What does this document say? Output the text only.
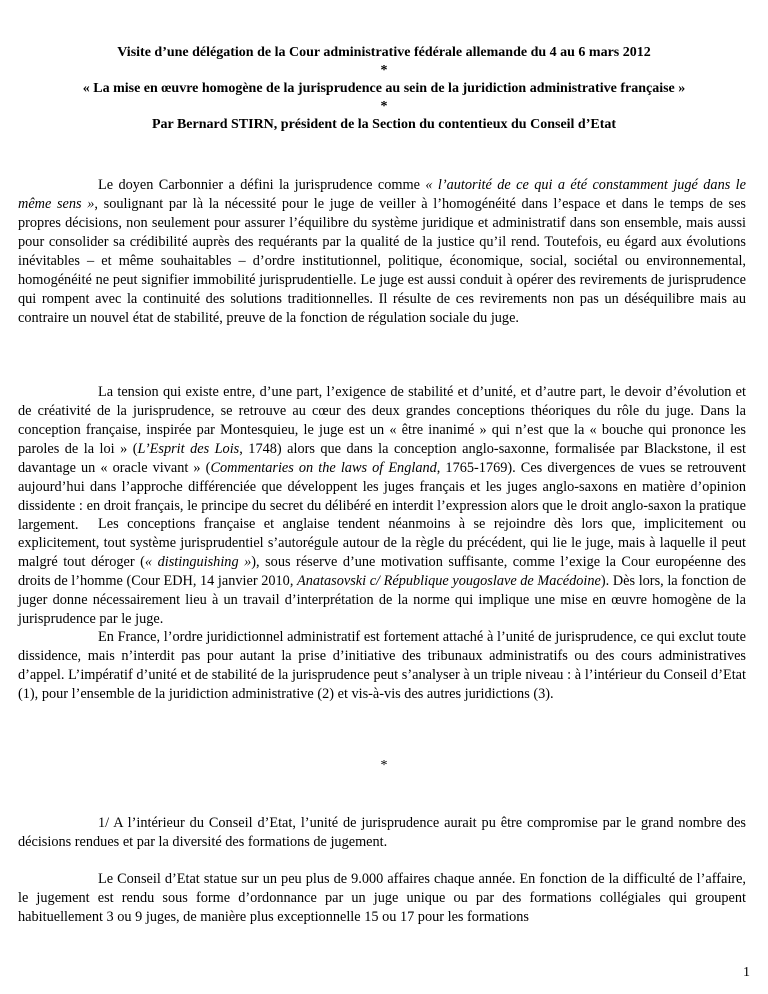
Visite d’une délégation de la Cour administrative fédérale allemande du 4 au 6 mars 2012
*
« La mise en œuvre homogène de la jurisprudence au sein de la juridiction administrative française »
*
Par Bernard STIRN, président de la Section du contentieux du Conseil d’Etat

Le doyen Carbonnier a défini la jurisprudence comme « l’autorité de ce qui a été constamment jugé dans le même sens », soulignant par là la nécessité pour le juge de veiller à l’homogénéité dans l’espace et dans le temps de ses propres décisions, non seulement pour assurer l’équilibre du système juridique et administratif dans son ensemble, mais aussi pour consolider sa crédibilité auprès des requérants par la qualité de la justice qu’il rend. Toutefois, eu égard aux évolutions inévitables – et même souhaitables – d’ordre institutionnel, politique, économique, social, sociétal ou environnemental, homogénéité ne peut signifier immobilité jurisprudentielle. Le juge est aussi conduit à opérer des revirements de jurisprudence qui rompent avec la continuité des solutions traditionnelles. Il résulte de ces revirements non pas un déséquilibre mais au contraire un nouvel état de stabilité, preuve de la fonction de régulation sociale du juge.

La tension qui existe entre, d’une part, l’exigence de stabilité et d’unité, et d’autre part, le devoir d’évolution et de créativité de la jurisprudence, se retrouve au cœur des deux grandes conceptions théoriques du rôle du juge. Dans la conception française, inspirée par Montesquieu, le juge est un « être inanimé » qui n’est que la « bouche qui prononce les paroles de la loi » (L’Esprit des Lois, 1748) alors que dans la conception anglo-saxonne, formalisée par Blackstone, il est davantage un « oracle vivant » (Commentaries on the laws of England, 1765-1769). Ces divergences de vues se retrouvent aujourd’hui dans l’approche différenciée que développent les juges français et les juges anglo-saxons en matière d’opinion dissidente : en droit français, le principe du secret du délibéré en interdit l’expression alors que le droit anglo-saxon la pratique largement.	Les conceptions française et anglaise tendent néanmoins à se rejoindre dès lors que, implicitement ou explicitement, tout système jurisprudentiel s’autorégule autour de la règle du précédent, qui lie le juge, mais à laquelle il peut malgré tout déroger (« distinguishing »), sous réserve d’une motivation suffisante, comme l’exige la Cour européenne des droits de l’homme (Cour EDH, 14 janvier 2010, Anatasovski c/ République yougoslave de Macédoine). Dès lors, la fonction de juger donne nécessairement lieu à un travail d’interprétation de la norme qui implique une mise en œuvre homogène de la jurisprudence par le juge.

En France, l’ordre juridictionnel administratif est fortement attaché à l’unité de jurisprudence, ce qui exclut toute dissidence, mais n’interdit pas pour autant la prise d’initiative des tribunaux administratifs ou des cours administratives d’appel. L’impératif d’unité et de stabilité de la jurisprudence peut s’analyser à un triple niveau : à l’intérieur du Conseil d’Etat (1), pour l’ensemble de la juridiction administrative (2) et vis-à-vis des autres juridictions (3).

*

1/ A l’intérieur du Conseil d’Etat, l’unité de jurisprudence aurait pu être compromise par le grand nombre des décisions rendues et par la diversité des formations de jugement.

Le Conseil d’Etat statue sur un peu plus de 9.000 affaires chaque année. En fonction de la difficulté de l’affaire, le jugement est rendu sous forme d’ordonnance par un juge unique ou par des formations collégiales qui groupent habituellement 3 ou 9 juges, de manière plus exceptionnelle 15 ou 17 pour les formations

1
